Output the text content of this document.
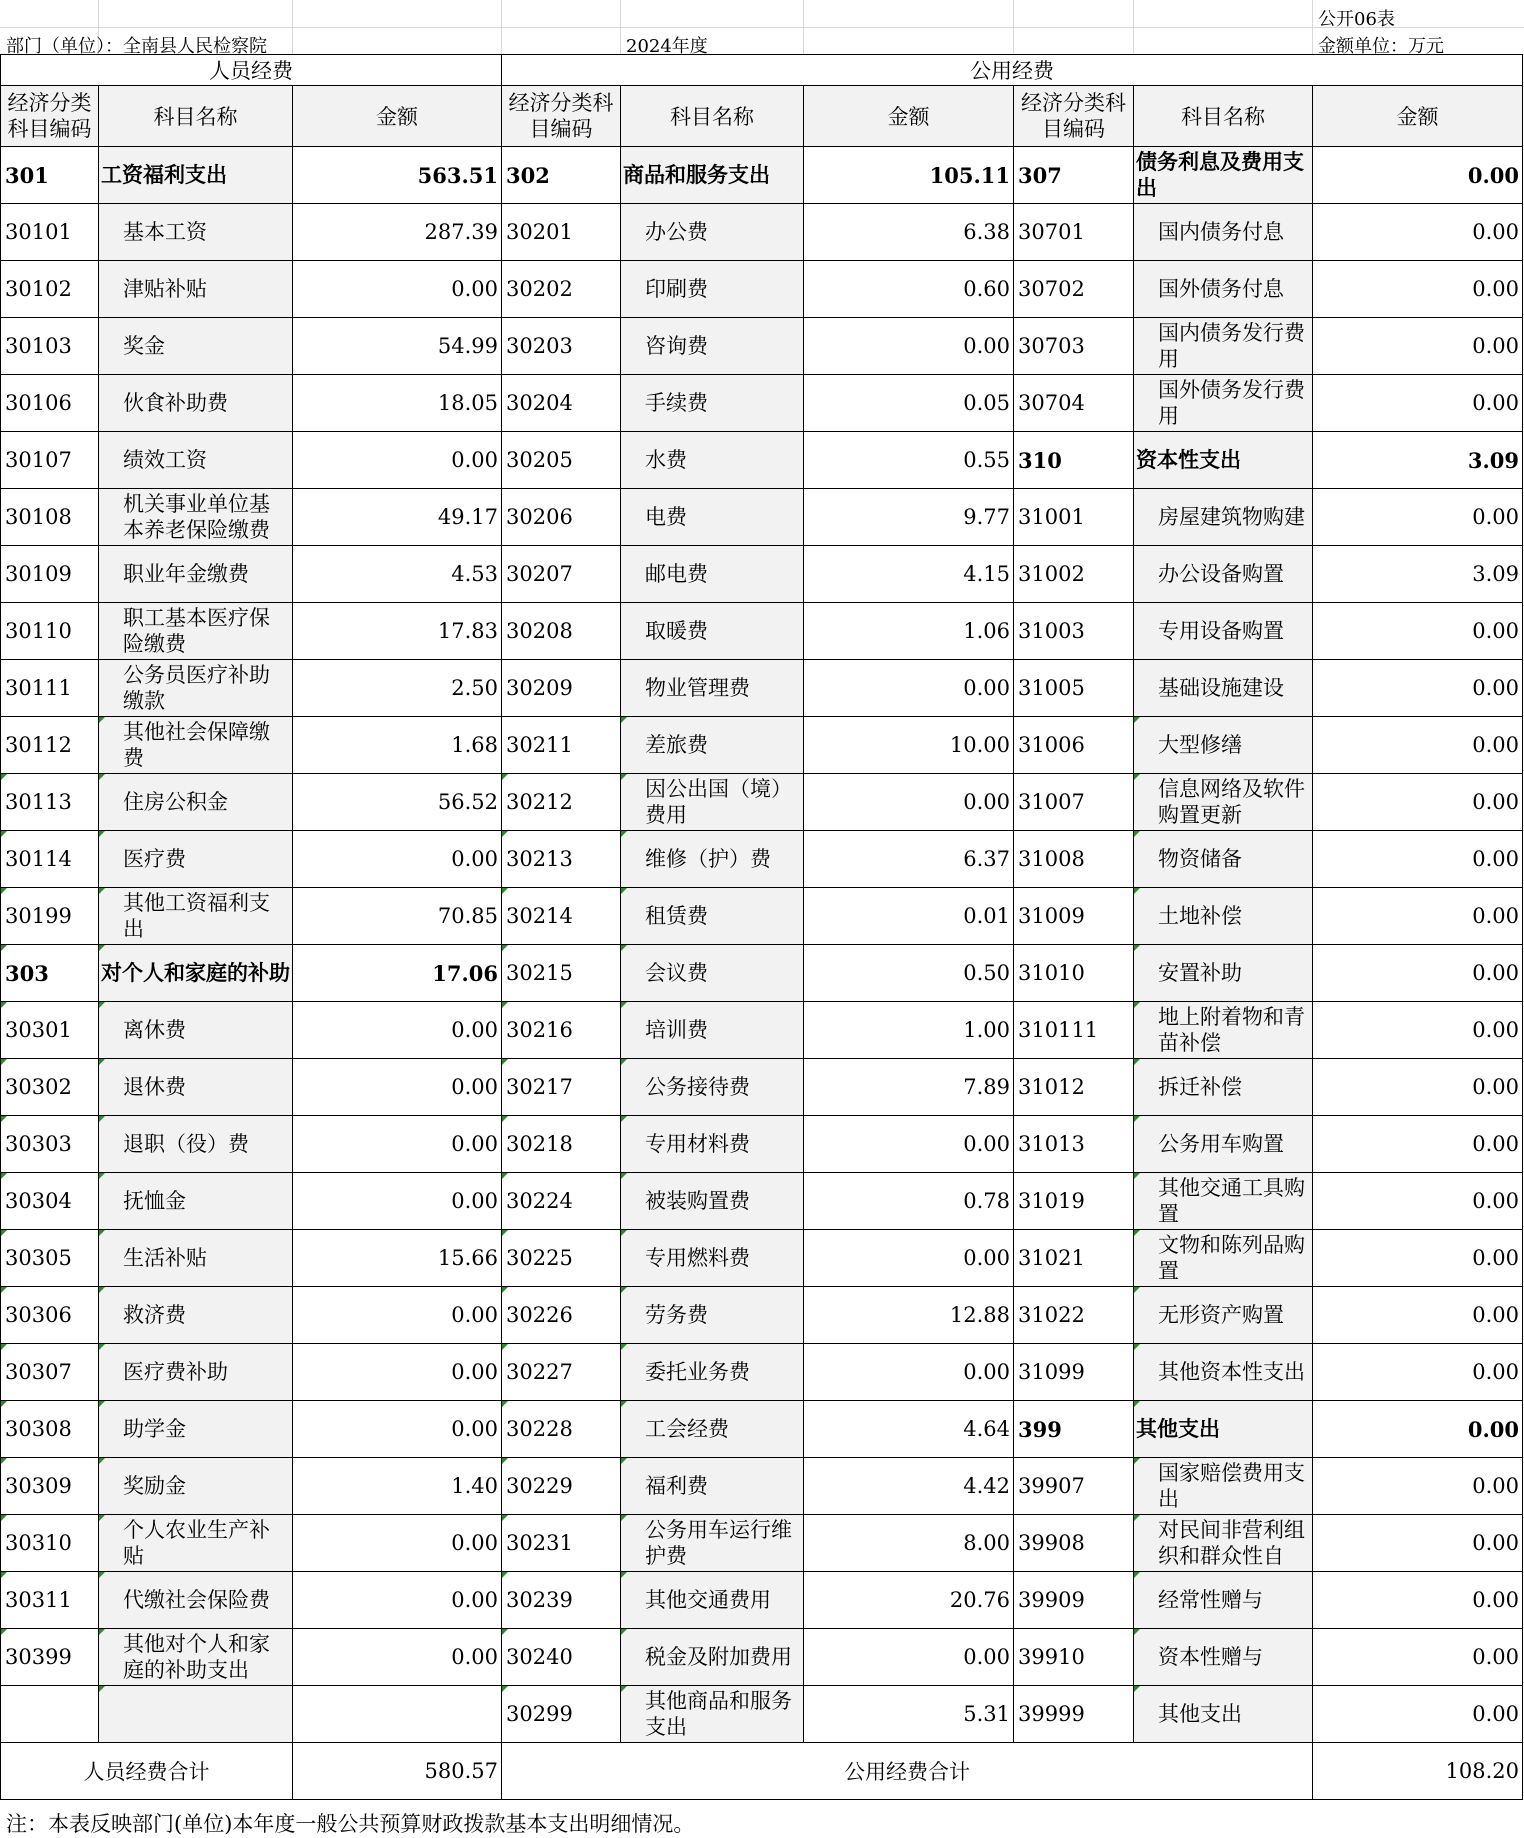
公开06表
部门（单位）：全南县人民检察院	2024年度	金额单位：万元
人员经费			公用经费					
经济分类科目编码	科目名称	金额	经济分类科目编码	科目名称	金额	经济分类科目编码	科目名称	金额
301	工资福利支出	563.51	302	商品和服务支出	105.11	307	债务利息及费用支出	0.00
30101	基本工资	287.39	30201	办公费	6.38	30701	国内债务付息	0.00
30102	津贴补贴	0.00	30202	印刷费	0.60	30702	国外债务付息	0.00
30103	奖金	54.99	30203	咨询费	0.00	30703	国内债务发行费用	0.00
30106	伙食补助费	18.05	30204	手续费	0.05	30704	国外债务发行费用	0.00
30107	绩效工资	0.00	30205	水费	0.55	310	资本性支出	3.09
30108	机关事业单位基本养老保险缴费	49.17	30206	电费	9.77	31001	房屋建筑物购建	0.00
30109	职业年金缴费	4.53	30207	邮电费	4.15	31002	办公设备购置	3.09
30110	职工基本医疗保险缴费	17.83	30208	取暖费	1.06	31003	专用设备购置	0.00
30111	公务员医疗补助缴款	2.50	30209	物业管理费	0.00	31005	基础设施建设	0.00
30112	其他社会保障缴费	1.68	30211	差旅费	10.00	31006	大型修缮	0.00
30113	住房公积金	56.52	30212	因公出国（境）费用	0.00	31007	信息网络及软件购置更新	0.00
30114	医疗费	0.00	30213	维修（护）费	6.37	31008	物资储备	0.00
30199	其他工资福利支出	70.85	30214	租赁费	0.01	31009	土地补偿	0.00
303	对个人和家庭的补助	17.06	30215	会议费	0.50	31010	安置补助	0.00
30301	离休费	0.00	30216	培训费	1.00	310111	地上附着物和青苗补偿	0.00
30302	退休费	0.00	30217	公务接待费	7.89	31012	拆迁补偿	0.00
30303	退职（役）费	0.00	30218	专用材料费	0.00	31013	公务用车购置	0.00
30304	抚恤金	0.00	30224	被装购置费	0.78	31019	其他交通工具购置	0.00
30305	生活补贴	15.66	30225	专用燃料费	0.00	31021	文物和陈列品购置	0.00
30306	救济费	0.00	30226	劳务费	12.88	31022	无形资产购置	0.00
30307	医疗费补助	0.00	30227	委托业务费	0.00	31099	其他资本性支出	0.00
30308	助学金	0.00	30228	工会经费	4.64	399	其他支出	0.00
30309	奖励金	1.40	30229	福利费	4.42	39907	国家赔偿费用支出	0.00
30310	个人农业生产补贴	0.00	30231	公务用车运行维护费	8.00	39908	对民间非营利组织和群众性自	0.00
30311	代缴社会保险费	0.00	30239	其他交通费用	20.76	39909	经常性赠与	0.00
30399	其他对个人和家庭的补助支出	0.00	30240	税金及附加费用	0.00	39910	资本性赠与	0.00
			30299	其他商品和服务支出	5.31	39999	其他支出	0.00
人员经费合计		580.57	公用经费合计					108.20
注：本表反映部门(单位)本年度一般公共预算财政拨款基本支出明细情况。
